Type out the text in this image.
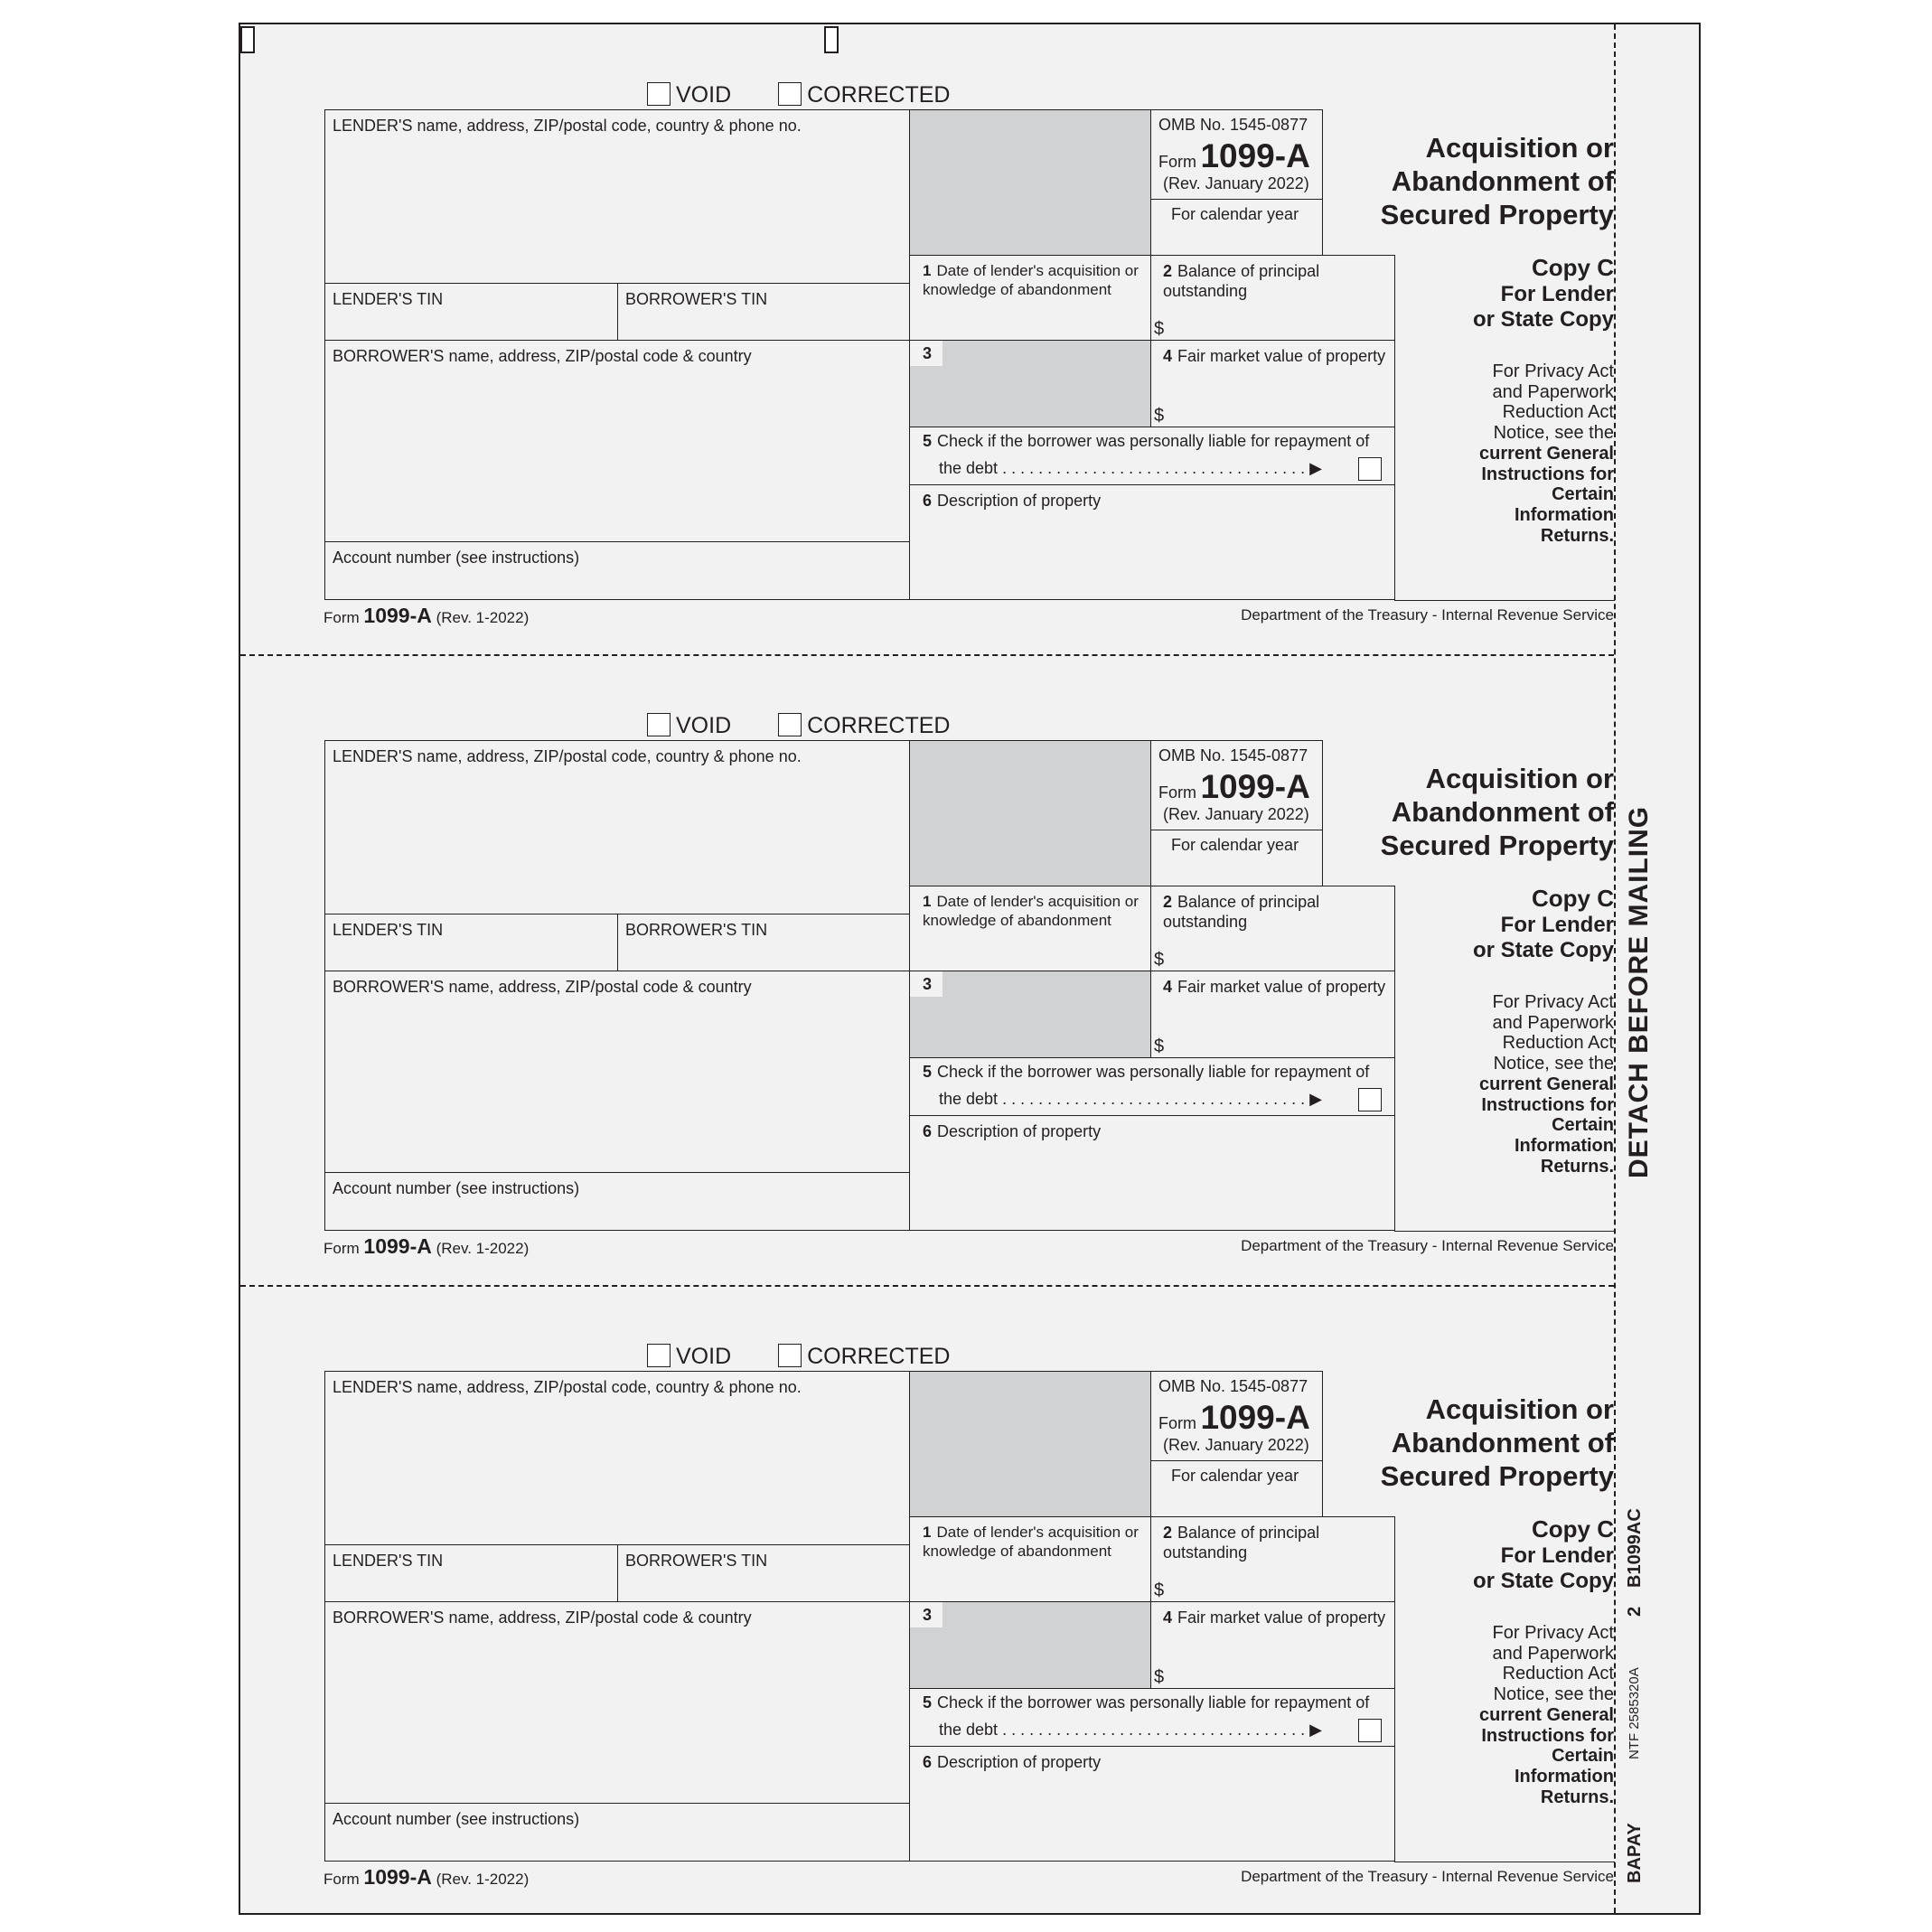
DETACH BEFORE MAILING
BAPAY
NTF 2585320A
2
B1099AC
VOID	CORRECTED
LENDER'S name, address, ZIP/postal code, country & phone no.
LENDER'S TIN	BORROWER'S TIN
BORROWER'S name, address, ZIP/postal code & country
Account number (see instructions)
OMB No. 1545-0877
Form 1099-A
(Rev. January 2022)
For calendar year
Acquisition or
Abandonment of
Secured Property
1 Date of lender's acquisition or knowledge of abandonment
2 Balance of principal outstanding
$
3	4 Fair market value of property
$
5 Check if the borrower was personally liable for repayment of
the debt . . . . . . . . . . . . . . . . . . . . . . . . . . . . . . . . . . ▶
6 Description of property
Copy C
For Lender
or State Copy
For Privacy Act
and Paperwork
Reduction Act
Notice, see the
current General
Instructions for
Certain
Information
Returns.
Form 1099-A (Rev. 1-2022)	Department of the Treasury - Internal Revenue Service
VOID	CORRECTED
LENDER'S name, address, ZIP/postal code, country & phone no.
LENDER'S TIN	BORROWER'S TIN
BORROWER'S name, address, ZIP/postal code & country
Account number (see instructions)
OMB No. 1545-0877
Form 1099-A
(Rev. January 2022)
For calendar year
Acquisition or
Abandonment of
Secured Property
1 Date of lender's acquisition or knowledge of abandonment
2 Balance of principal outstanding
$
3	4 Fair market value of property
$
5 Check if the borrower was personally liable for repayment of
the debt . . . . . . . . . . . . . . . . . . . . . . . . . . . . . . . . . . ▶
6 Description of property
Copy C
For Lender
or State Copy
For Privacy Act
and Paperwork
Reduction Act
Notice, see the
current General
Instructions for
Certain
Information
Returns.
Form 1099-A (Rev. 1-2022)	Department of the Treasury - Internal Revenue Service
VOID	CORRECTED
LENDER'S name, address, ZIP/postal code, country & phone no.
LENDER'S TIN	BORROWER'S TIN
BORROWER'S name, address, ZIP/postal code & country
Account number (see instructions)
OMB No. 1545-0877
Form 1099-A
(Rev. January 2022)
For calendar year
Acquisition or
Abandonment of
Secured Property
1 Date of lender's acquisition or knowledge of abandonment
2 Balance of principal outstanding
$
3	4 Fair market value of property
$
5 Check if the borrower was personally liable for repayment of
the debt . . . . . . . . . . . . . . . . . . . . . . . . . . . . . . . . . . ▶
6 Description of property
Copy C
For Lender
or State Copy
For Privacy Act
and Paperwork
Reduction Act
Notice, see the
current General
Instructions for
Certain
Information
Returns.
Form 1099-A (Rev. 1-2022)	Department of the Treasury - Internal Revenue Service
